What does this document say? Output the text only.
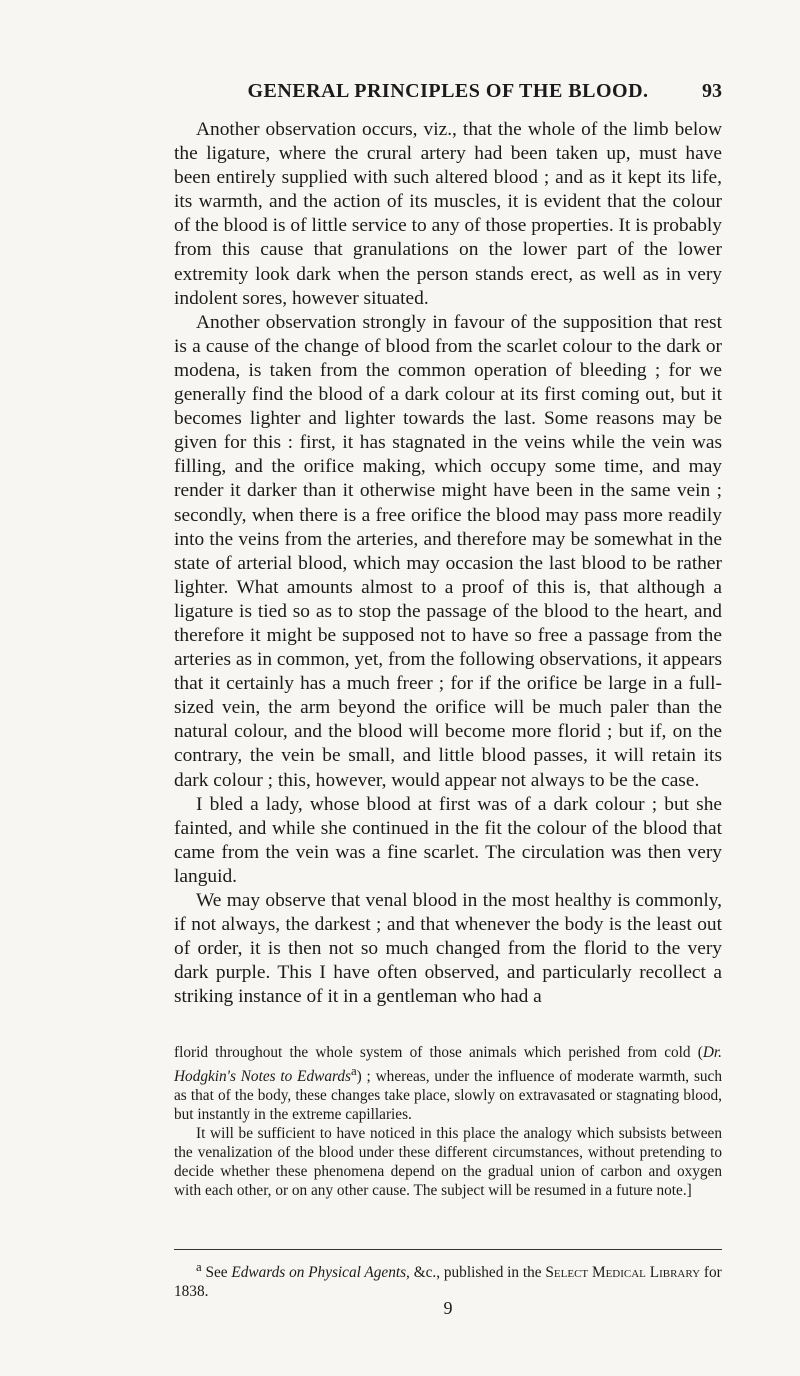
GENERAL PRINCIPLES OF THE BLOOD.	93

Another observation occurs, viz., that the whole of the limb below the ligature, where the crural artery had been taken up, must have been entirely supplied with such altered blood ; and as it kept its life, its warmth, and the action of its muscles, it is evident that the colour of the blood is of little service to any of those properties. It is probably from this cause that granulations on the lower part of the lower extremity look dark when the person stands erect, as well as in very indolent sores, however situated.

Another observation strongly in favour of the supposition that rest is a cause of the change of blood from the scarlet colour to the dark or modena, is taken from the common operation of bleeding ; for we generally find the blood of a dark colour at its first coming out, but it becomes lighter and lighter towards the last. Some reasons may be given for this : first, it has stagnated in the veins while the vein was filling, and the orifice making, which occupy some time, and may render it darker than it otherwise might have been in the same vein ; secondly, when there is a free orifice the blood may pass more readily into the veins from the arteries, and therefore may be somewhat in the state of arterial blood, which may occasion the last blood to be rather lighter. What amounts almost to a proof of this is, that although a ligature is tied so as to stop the passage of the blood to the heart, and therefore it might be supposed not to have so free a passage from the arteries as in common, yet, from the following observations, it appears that it certainly has a much freer ; for if the orifice be large in a full-sized vein, the arm beyond the orifice will be much paler than the natural colour, and the blood will become more florid ; but if, on the contrary, the vein be small, and little blood passes, it will retain its dark colour ; this, however, would appear not always to be the case.

I bled a lady, whose blood at first was of a dark colour ; but she fainted, and while she continued in the fit the colour of the blood that came from the vein was a fine scarlet. The circulation was then very languid.

We may observe that venal blood in the most healthy is commonly, if not always, the darkest ; and that whenever the body is the least out of order, it is then not so much changed from the florid to the very dark purple. This I have often observed, and particularly recollect a striking instance of it in a gentleman who had a

florid throughout the whole system of those animals which perished from cold (Dr. Hodgkin's Notes to Edwards$^a$) ; whereas, under the influence of moderate warmth, such as that of the body, these changes take place, slowly on extravasated or stagnating blood, but instantly in the extreme capillaries.

It will be sufficient to have noticed in this place the analogy which subsists between the venalization of the blood under these different circumstances, without pretending to decide whether these phenomena depend on the gradual union of carbon and oxygen with each other, or on any other cause. The subject will be resumed in a future note.]

$^a$ See Edwards on Physical Agents, &c., published in the Select Medical Library for 1838.

9
